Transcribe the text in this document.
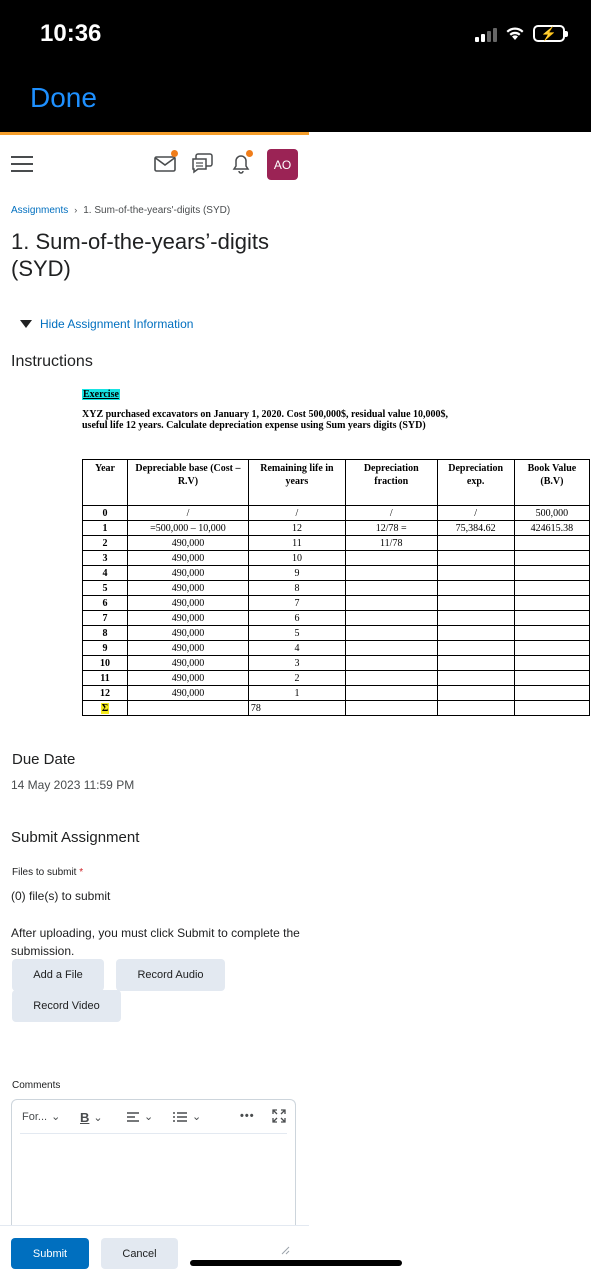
10:36	⚡
Done
AO
Assignments › 1. Sum-of-the-years'-digits (SYD)
1. Sum-of-the-years’-digits (SYD)
Hide Assignment Information
Instructions
Exercise
XYZ purchased excavators on January 1, 2020. Cost 500,000$, residual value 10,000$, useful life 12 years. Calculate depreciation expense using Sum years digits (SYD)
Year	Depreciable base (Cost –R.V)	Remaining life in years	Depreciation fraction	Depreciation exp.	Book Value (B.V)
0	/	/	/	/	500,000
1	=500,000 – 10,000	12	12/78 =	75,384.62	424615.38
2	490,000	11	11/78		
3	490,000	10			
4	490,000	9			
5	490,000	8			
6	490,000	7			
7	490,000	6			
8	490,000	5			
9	490,000	4			
10	490,000	3			
11	490,000	2			
12	490,000	1			
Σ		78			
Due Date
14 May 2023 11:59 PM
Submit Assignment
Files to submit *
(0) file(s) to submit
After uploading, you must click Submit to complete the submission.
Add a File	Record Audio
Record Video
Comments
For... ⌄ B ⌄	⌄	⌄	•••
Submit	Cancel
